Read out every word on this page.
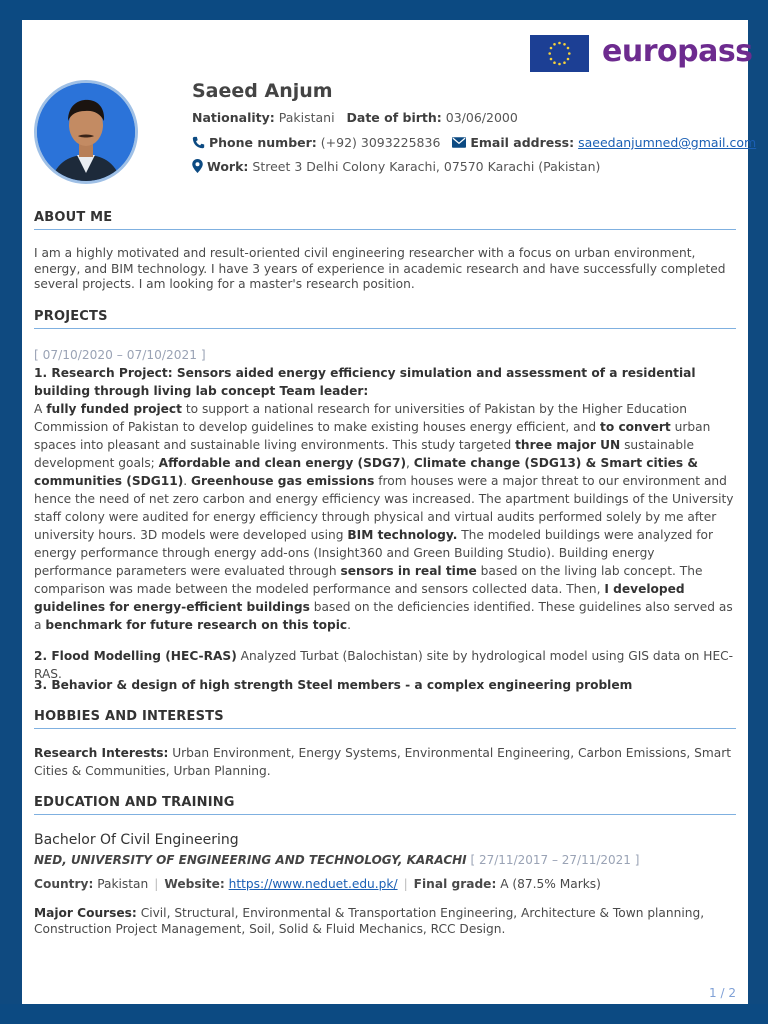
europass
Saeed Anjum
Nationality: Pakistani Date of birth: 03/06/2000
Phone number: (+92) 3093225836 Email address: saeedanjumned@gmail.com
Work: Street 3 Delhi Colony Karachi, 07570 Karachi (Pakistan)
ABOUT ME
I am a highly motivated and result-oriented civil engineering researcher with a focus on urban environment, energy, and BIM technology. I have 3 years of experience in academic research and have successfully completed several projects. I am looking for a master's research position.
PROJECTS
[ 07/10/2020 – 07/10/2021 ]
1. Research Project: Sensors aided energy efficiency simulation and assessment of a residential building through living lab concept Team leader:
A fully funded project to support a national research for universities of Pakistan by the Higher Education Commission of Pakistan to develop guidelines to make existing houses energy efficient, and to convert urban spaces into pleasant and sustainable living environments. This study targeted three major UN sustainable development goals; Affordable and clean energy (SDG7), Climate change (SDG13) & Smart cities & communities (SDG11). Greenhouse gas emissions from houses were a major threat to our environment and hence the need of net zero carbon and energy efficiency was increased. The apartment buildings of the University staff colony were audited for energy efficiency through physical and virtual audits performed solely by me after university hours. 3D models were developed using BIM technology. The modeled buildings were analyzed for energy performance through energy add-ons (Insight360 and Green Building Studio). Building energy performance parameters were evaluated through sensors in real time based on the living lab concept. The comparison was made between the modeled performance and sensors collected data. Then, I developed guidelines for energy-efficient buildings based on the deficiencies identified. These guidelines also served as a benchmark for future research on this topic.
2. Flood Modelling (HEC-RAS) Analyzed Turbat (Balochistan) site by hydrological model using GIS data on HEC-RAS.
3. Behavior & design of high strength Steel members - a complex engineering problem
HOBBIES AND INTERESTS
Research Interests: Urban Environment, Energy Systems, Environmental Engineering, Carbon Emissions, Smart Cities & Communities, Urban Planning.
EDUCATION AND TRAINING
Bachelor Of Civil Engineering
NED, UNIVERSITY OF ENGINEERING AND TECHNOLOGY, KARACHI [ 27/11/2017 – 27/11/2021 ]
Country: Pakistan | Website: https://www.neduet.edu.pk/ | Final grade: A (87.5% Marks)
Major Courses: Civil, Structural, Environmental & Transportation Engineering, Architecture & Town planning, Construction Project Management, Soil, Solid & Fluid Mechanics, RCC Design.
1 / 2
